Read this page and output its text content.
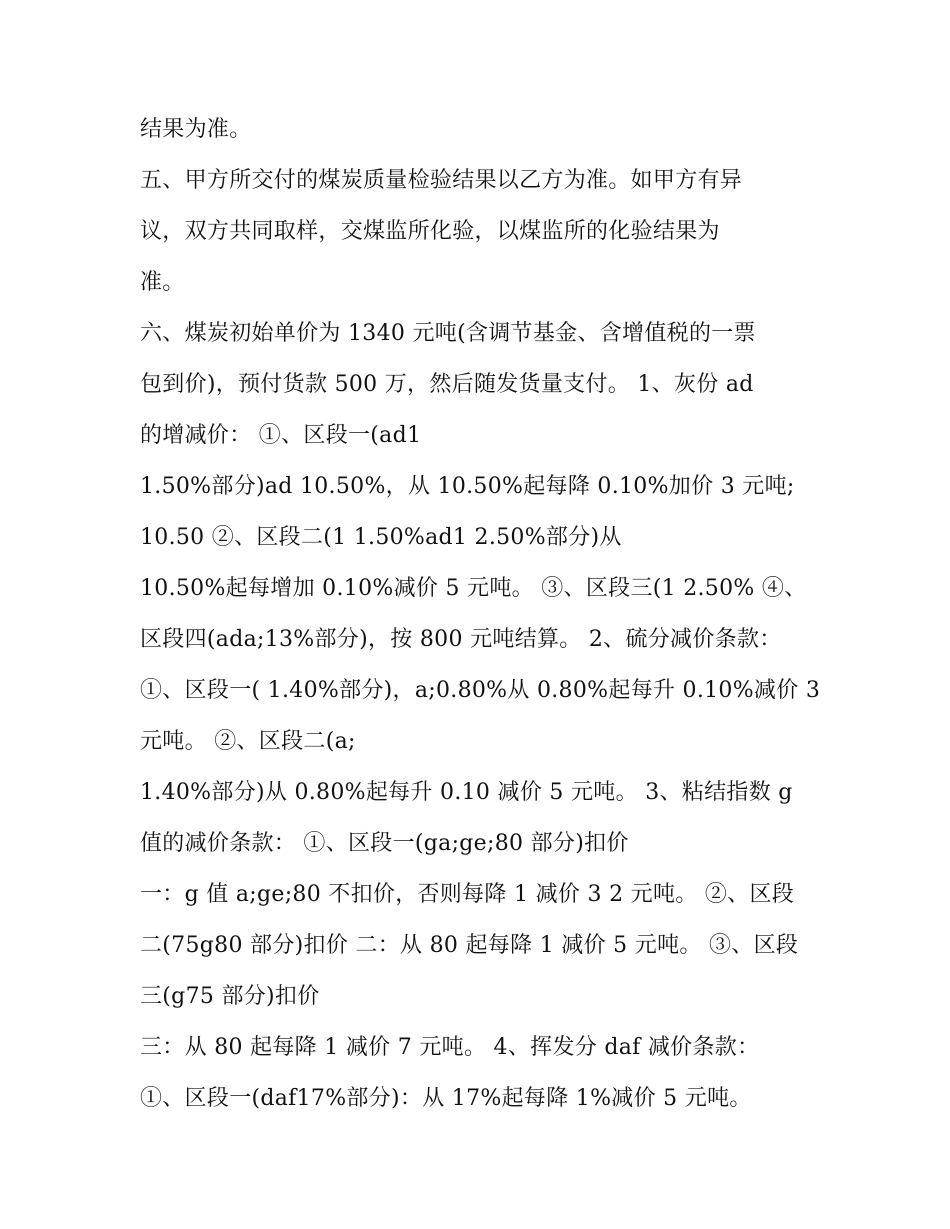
结果为准。
五、甲方所交付的煤炭质量检验结果以乙方为准。如甲方有异
议，双方共同取样，交煤监所化验，以煤监所的化验结果为
准。
六、煤炭初始单价为 1340 元吨(含调节基金、含增值税的一票
包到价)，预付货款 500 万，然后随发货量支付。 1、灰份 ad
的增减价： ①、区段一(ad1
1.50%部分)ad 10.50%，从 10.50%起每降 0.10%加价 3 元吨;
10.50 ②、区段二(1 1.50%ad1 2.50%部分)从
10.50%起每增加 0.10%减价 5 元吨。 ③、区段三(1 2.50% ④、
区段四(ada;13%部分)，按 800 元吨结算。 2、硫分减价条款：
①、区段一( 1.40%部分)，a;0.80%从 0.80%起每升 0.10%减价 3
元吨。 ②、区段二(a;
1.40%部分)从 0.80%起每升 0.10 减价 5 元吨。 3、粘结指数 g
值的减价条款： ①、区段一(ga;ge;80 部分)扣价
一：g 值 a;ge;80 不扣价，否则每降 1 减价 3 2 元吨。 ②、区段
二(75g80 部分)扣价 二：从 80 起每降 1 减价 5 元吨。 ③、区段
三(g75 部分)扣价
三：从 80 起每降 1 减价 7 元吨。 4、挥发分 daf 减价条款：
①、区段一(daf17%部分)：从 17%起每降 1%减价 5 元吨。
